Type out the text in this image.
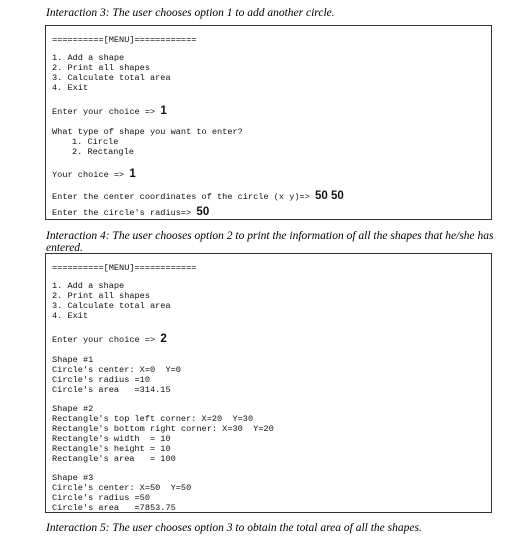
Interaction 3: The user chooses option 1 to add another circle.
==========[MENU]============
1. Add a shape
2. Print all shapes
3. Calculate total area
4. Exit
Enter your choice => 1
What type of shape you want to enter?
1. Circle
2. Rectangle
Your choice => 1
Enter the center coordinates of the circle (x y)=> 50 50
Enter the circle's radius=> 50
Interaction 4: The user chooses option 2 to print the information of all the shapes that he/she has entered.
==========[MENU]============
1. Add a shape
2. Print all shapes
3. Calculate total area
4. Exit
Enter your choice => 2
Shape #1
Circle's center: X=0  Y=0
Circle's radius =10
Circle's area   =314.15
Shape #2
Rectangle's top left corner: X=20  Y=30
Rectangle's bottom right corner: X=30  Y=20
Rectangle's width  = 10
Rectangle's height = 10
Rectangle's area   = 100
Shape #3
Circle's center: X=50  Y=50
Circle's radius =50
Circle's area   =7853.75
Interaction 5: The user chooses option 3 to obtain the total area of all the shapes.
